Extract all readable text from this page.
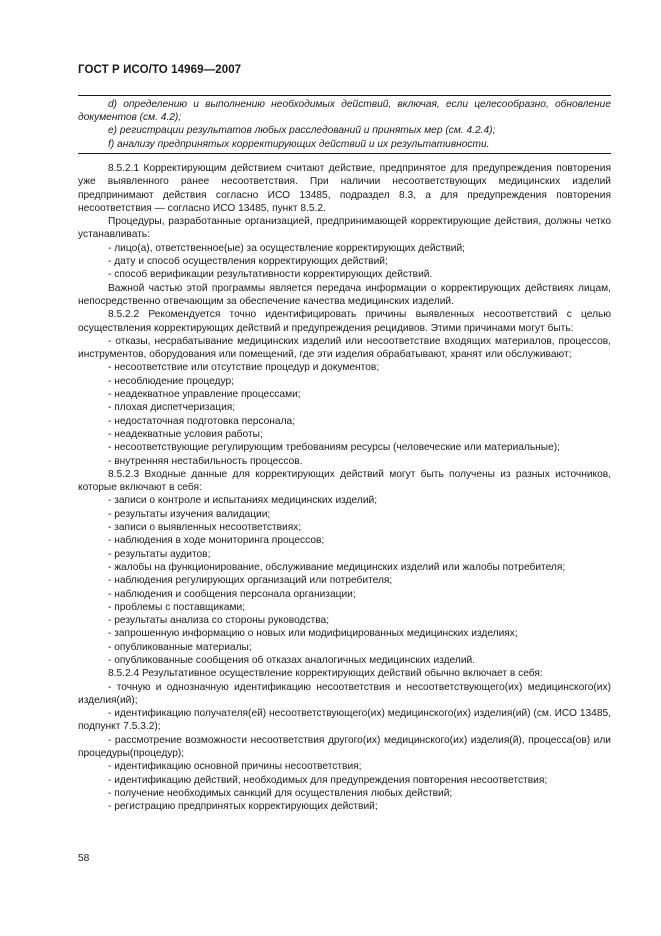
ГОСТ Р ИСО/ТО 14969—2007

d) определению и выполнению необходимых действий, включая, если целесообразно, обновление документов (см. 4.2);

e) регистрации результатов любых расследований и принятых мер (см. 4.2.4);

f) анализу предпринятых корректирующих действий и их результативности.

8.5.2.1 Корректирующим действием считают действие, предпринятое для предупреждения повторения уже выявленного ранее несоответствия. При наличии несоответствующих медицинских изделий предпринимают действия согласно ИСО 13485, подраздел 8.3, а для предупреждения повторения несоответствия — согласно ИСО 13485, пункт 8.5.2.

Процедуры, разработанные организацией, предпринимающей корректирующие действия, должны четко устанавливать:

- лицо(а), ответственное(ые) за осуществление корректирующих действий;

- дату и способ осуществления корректирующих действий;

- способ верификации результативности корректирующих действий.

Важной частью этой программы является передача информации о корректирующих действиях лицам, непосредственно отвечающим за обеспечение качества медицинских изделий.

8.5.2.2 Рекомендуется точно идентифицировать причины выявленных несоответствий с целью осуществления корректирующих действий и предупреждения рецидивов. Этими причинами могут быть:

- отказы, несрабатывание медицинских изделий или несоответствие входящих материалов, процессов, инструментов, оборудования или помещений, где эти изделия обрабатывают, хранят или обслуживают;

- несоответствие или отсутствие процедур и документов;

- несоблюдение процедур;

- неадекватное управление процессами;

- плохая диспетчеризация;

- недостаточная подготовка персонала;

- неадекватные условия работы;

- несоответствующие регулирующим требованиям ресурсы (человеческие или материальные);

- внутренняя нестабильность процессов.

8.5.2.3 Входные данные для корректирующих действий могут быть получены из разных источников, которые включают в себя:

- записи о контроле и испытаниях медицинских изделий;

- результаты изучения валидации;

- записи о выявленных несоответствиях;

- наблюдения в ходе мониторинга процессов;

- результаты аудитов;

- жалобы на функционирование, обслуживание медицинских изделий или жалобы потребителя;

- наблюдения регулирующих организаций или потребителя;

- наблюдения и сообщения персонала организации;

- проблемы с поставщиками;

- результаты анализа со стороны руководства;

- запрошенную информацию о новых или модифицированных медицинских изделиях;

- опубликованные материалы;

- опубликованные сообщения об отказах аналогичных медицинских изделий.

8.5.2.4 Результативное осуществление корректирующих действий обычно включает в себя:

- точную и однозначную идентификацию несоответствия и несоответствующего(их) медицинского(их) изделия(ий);

- идентификацию получателя(ей) несоответствующего(их) медицинского(их) изделия(ий) (см. ИСО 13485, подпункт 7.5.3.2);

- рассмотрение возможности несоответствия другого(их) медицинского(их) изделия(й), процесса(ов) или процедуры(процедур);

- идентификацию основной причины несоответствия;

- идентификацию действий, необходимых для предупреждения повторения несоответствия;

- получение необходимых санкций для осуществления любых действий;

- регистрацию предпринятых корректирующих действий;

58
